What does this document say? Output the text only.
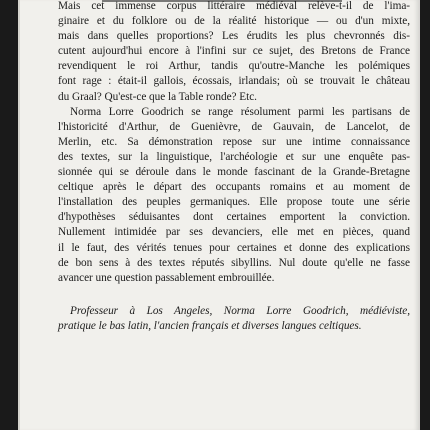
Mais cet immense corpus littéraire médiéval relève-t-il de l'ima-
ginaire et du folklore ou de la réalité historique — ou d'un mixte,
mais dans quelles proportions? Les érudits les plus chevronnés dis-
cutent aujourd'hui encore à l'infini sur ce sujet, des Bretons de France
revendiquent le roi Arthur, tandis qu'outre-Manche les polémiques
font rage : était-il gallois, écossais, irlandais; où se trouvait le château
du Graal? Qu'est-ce que la Table ronde? Etc.
Norma Lorre Goodrich se range résolument parmi les partisans de
l'historicité d'Arthur, de Guenièvre, de Gauvain, de Lancelot, de
Merlin, etc. Sa démonstration repose sur une intime connaissance
des textes, sur la linguistique, l'archéologie et sur une enquête pas-
sionnée qui se déroule dans le monde fascinant de la Grande-Bretagne
celtique après le départ des occupants romains et au moment de
l'installation des peuples germaniques. Elle propose toute une série
d'hypothèses séduisantes dont certaines emportent la conviction.
Nullement intimidée par ses devanciers, elle met en pièces, quand
il le faut, des vérités tenues pour certaines et donne des explications
de bon sens à des textes réputés sibyllins. Nul doute qu'elle ne fasse
avancer une question passablement embrouillée.
Professeur à Los Angeles, Norma Lorre Goodrich, médiéviste,
pratique le bas latin, l'ancien français et diverses langues celtiques.
